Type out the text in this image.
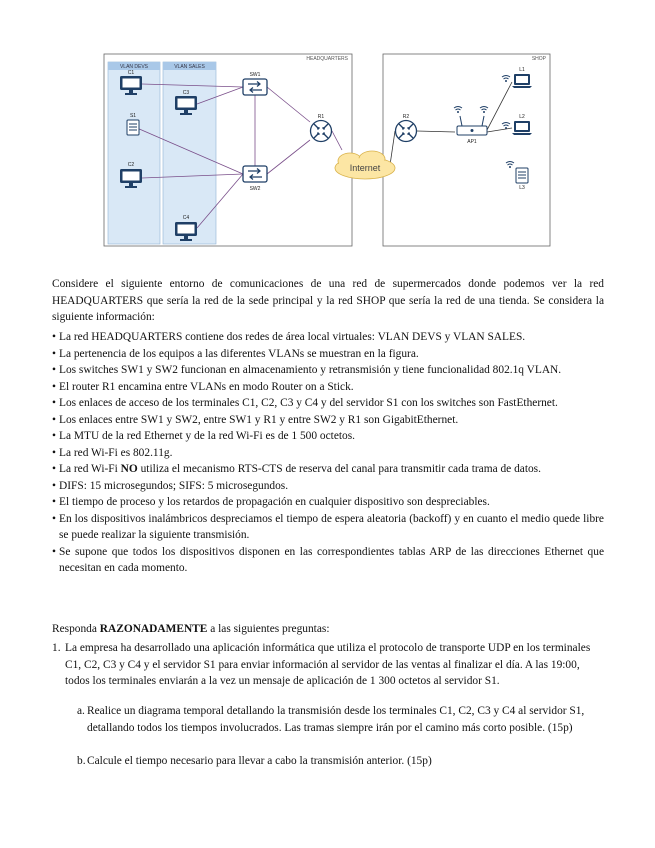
HEADQUARTERS	SHOP
VLAN DEVS	VLAN SALES
Internet
C1
S1
C2
C3
C4
SW1
SW2
R1	R2
AP1
L1
L2
L3
Considere el siguiente entorno de comunicaciones de una red de supermercados donde podemos ver la red HEADQUARTERS que sería la red de la sede principal y la red SHOP que sería la red de una tienda. Se considera la siguiente información:
• La red HEADQUARTERS contiene dos redes de área local virtuales: VLAN DEVS y VLAN SALES.
• La pertenencia de los equipos a las diferentes VLANs se muestran en la figura.
• Los switches SW1 y SW2 funcionan en almacenamiento y retransmisión y tiene funcionalidad 802.1q VLAN.
• El router R1 encamina entre VLANs en modo Router on a Stick.
• Los enlaces de acceso de los terminales C1, C2, C3 y C4 y del servidor S1 con los switches son FastEthernet.
• Los enlaces entre SW1 y SW2, entre SW1 y R1 y entre SW2 y R1 son GigabitEthernet.
• La MTU de la red Ethernet y de la red Wi-Fi es de 1 500 octetos.
• La red Wi-Fi es 802.11g.
• La red Wi-Fi NO utiliza el mecanismo RTS-CTS de reserva del canal para transmitir cada trama de datos.
• DIFS: 15 microsegundos; SIFS: 5 microsegundos.
• El tiempo de proceso y los retardos de propagación en cualquier dispositivo son despreciables.
• En los dispositivos inalámbricos despreciamos el tiempo de espera aleatoria (backoff) y en cuanto el medio quede libre se puede realizar la siguiente transmisión.
• Se supone que todos los dispositivos disponen en las correspondientes tablas ARP de las direcciones Ethernet que necesitan en cada momento.
Responda RAZONADAMENTE a las siguientes preguntas:
1. La empresa ha desarrollado una aplicación informática que utiliza el protocolo de transporte UDP en los terminales C1, C2, C3 y C4 y el servidor S1 para enviar información al servidor de las ventas al finalizar el día. A las 19:00, todos los terminales enviarán a la vez un mensaje de aplicación de 1 300 octetos al servidor S1.
a. Realice un diagrama temporal detallando la transmisión desde los terminales C1, C2, C3 y C4 al servidor S1, detallando todos los tiempos involucrados. Las tramas siempre irán por el camino más corto posible. (15p)
b. Calcule el tiempo necesario para llevar a cabo la transmisión anterior. (15p)
